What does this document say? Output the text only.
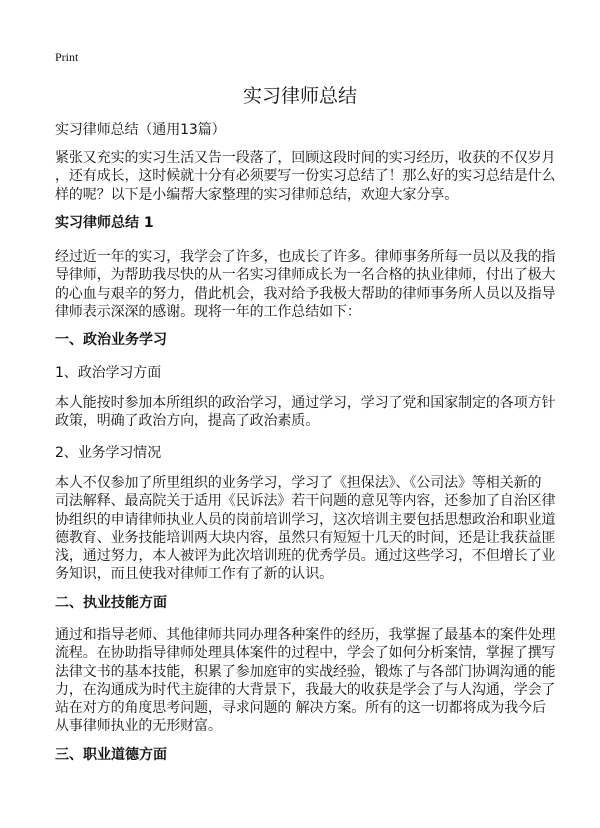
Print
实习律师总结
实习律师总结（通用13篇）
紧张又充实的实习生活又告一段落了，回顾这段时间的实习经历，收获的不仅岁月
，还有成长，这时候就十分有必须要写一份实习总结了！那么好的实习总结是什么
样的呢？以下是小编帮大家整理的实习律师总结，欢迎大家分享。
实习律师总结 1
经过近一年的实习，我学会了许多，也成长了许多。律师事务所每一员以及我的指
导律师，为帮助我尽快的从一名实习律师成长为一名合格的执业律师，付出了极大
的心血与艰辛的努力，借此机会，我对给予我极大帮助的律师事务所人员以及指导
律师表示深深的感谢。现将一年的工作总结如下：
一、政治业务学习
1、政治学习方面
本人能按时参加本所组织的政治学习，通过学习，学习了党和国家制定的各项方针
政策，明确了政治方向，提高了政治素质。
2、业务学习情况
本人不仅参加了所里组织的业务学习，学习了《担保法》、《公司法》等相关新的
司法解释、最高院关于适用《民诉法》若干问题的意见等内容，还参加了自治区律
协组织的申请律师执业人员的岗前培训学习，这次培训主要包括思想政治和职业道
德教育、业务技能培训两大块内容，虽然只有短短十几天的时间，还是让我获益匪
浅，通过努力，本人被评为此次培训班的优秀学员。通过这些学习，不但增长了业
务知识，而且使我对律师工作有了新的认识。
二、执业技能方面
通过和指导老师、其他律师共同办理各种案件的经历，我掌握了最基本的案件处理
流程。在协助指导律师处理具体案件的过程中，学会了如何分析案情，掌握了撰写
法律文书的基本技能，积累了参加庭审的实战经验，锻炼了与各部门协调沟通的能
力，在沟通成为时代主旋律的大背景下，我最大的收获是学会了与人沟通，学会了
站在对方的角度思考问题，寻求问题的 解决方案。所有的这一切都将成为我今后
从事律师执业的无形财富。
三、职业道德方面
